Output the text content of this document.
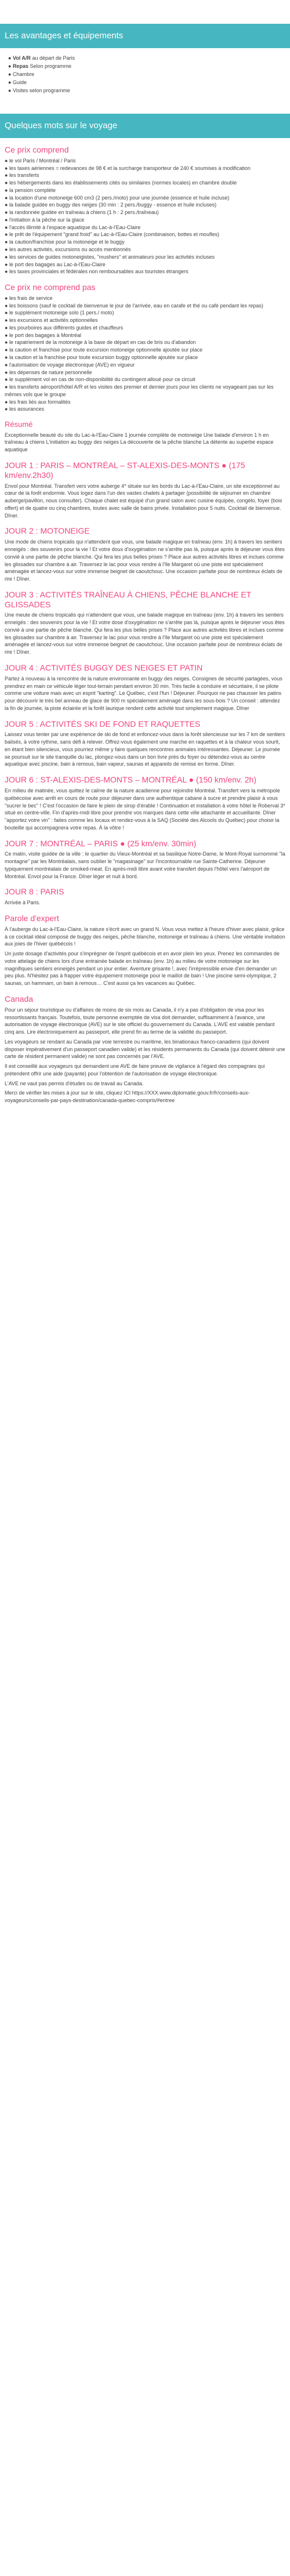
Les avantages et équipements
● Vol A/R au départ de Paris
● Repas Selon programme
● Chambre
● Guide
● Visites selon programme
Quelques mots sur le voyage
Ce prix comprend
● le vol Paris / Montréal / Paris
● les taxes aériennes = redevances de 98 € et la surcharge transporteur de 240 € soumises à modification
● les transferts
● les hébergements dans les établissements cités ou similaires (normes locales) en chambre double
● la pension complète
● la location d'une motoneige 600 cm3 (2 pers./moto) pour une journée (essence et huile incluse)
● la balade guidée en buggy des neiges (30 min : 2 pers./buggy - essence et huile incluses)
● la randonnée guidée en traîneau à chiens (1 h : 2 pers./traîneau)
● l'initiation à la pêche sur la glace
● l'accès illimité à l'espace aquatique du Lac-à-l'Eau-Claire
● le prêt de l'équipement "grand froid" au Lac-à-l'Eau-Claire (combinaison, bottes et moufles)
● la caution/franchise pour la motoneige et le buggy
● les autres activités, excursions ou accès mentionnés
● les services de guides motoneigistes, "mushers" et animateurs pour les activités incluses
● le port des bagages au Lac-à-l'Eau-Claire
● les taxes provinciales et fédérales non remboursables aux touristes étrangers
Ce prix ne comprend pas
● les frais de service
● les boissons (sauf le cocktail de bienvenue le jour de l'arrivée, eau en carafe et thé ou café pendant les repas)
● le supplément motoneige solo (1 pers./ moto)
● les excursions et activités optionnelles
● les pourboires aux différents guides et chauffeurs
● le port des bagages à Montréal
● le rapatriement de la motoneige à la base de départ en cas de bris ou d'abandon
● la caution et franchise pour toute excursion motoneige optionnelle ajoutée sur place
● la caution et la franchise pour toute excursion buggy optionnelle ajoutée sur place
● l'autorisation de voyage électronique (AVE) en vigueur
● les dépenses de nature personnelle
● le supplément vol en cas de non-disponibilité du contingent alloué pour ce circuit
● les transferts aéroport/hôtel A/R et les visites des premier et dernier jours pour les clients ne voyageant pas sur les mêmes vols que le groupe
● les frais liés aux formalités
● les assurances
Résumé

Exceptionnelle beauté du site du Lac-à-l'Eau-Claire 1 journée complète de motoneige Une balade d'environ 1 h en traîneau à chiens L'initiation au buggy des neiges La découverte de la pêche blanche La détente au superbe espace aquatique

JOUR 1 : PARIS – MONTRÉAL – ST-ALEXIS-DES-MONTS ● (175 km/env.2h30)

Envol pour Montréal. Transfert vers votre auberge 4* située sur les bords du Lac-à-l'Eau-Claire, un site exceptionnel au cœur de la forêt endormie. Vous logez dans l'un des vastes chalets à partager (possibilité de séjourner en chambre auberge/pavillon, nous consulter). Chaque chalet est équipé d'un grand salon avec cuisine équipée, congélo, foyer (bois offert) et de quatre ou cinq chambres, toutes avec salle de bains privée. Installation pour 5 nuits. Cocktail de bienvenue. Dîner.

JOUR 2 : MOTONEIGE

Une mode de chiens tropicalis qui n'attendent que vous, une balade magique en traîneau (env. 1h) à travers les sentiers enneigés : des souvenirs pour la vie ! Et votre doux d'oxygénation ne s'arrête pas là, puisque après le déjeuner vous êtes convié à une partie de pêche blanche. Qui fera les plus belles prises ? Place aux autres activités libres et inclues comme les glissades sur chambre à air. Traversez le lac pour vous rendre à l'île Margaret où une piste est spécialement aménagée et lancez-vous sur votre immense beignet de caoutchouc. Une occasion parfaite pour de nombreux éclats de rire ! Dîner.

JOUR 3 : ACTIVITÉS TRAÎNEAU À CHIENS, PÊCHE BLANCHE ET GLISSADES

Une meute de chiens tropicalis qui n'attendent que vous, une balade magique en traîneau (env. 1h) à travers les sentiers enneigés : des souvenirs pour la vie ! Et votre dose d'oxygénation ne s'arrête pas là, puisque après le déjeuner vous êtes convié à une partie de pêche blanche. Qui fera les plus belles prises ? Place aux autres activités libres et inclues comme les glissades sur chambre à air. Traversez le lac pour vous rendre à l'île Margaret où une piste est spécialement aménagée et lancez-vous sur votre immense beignet de caoutchouc. Une occasion parfaite pour de nombreux éclats de rire ! Dîner.

JOUR 4 : ACTIVITÉS BUGGY DES NEIGES ET PATIN

Partez à nouveau à la rencontre de la nature environnante en buggy des neiges. Consignes de sécurité partagées, vous prendrez en main ce véhicule léger tout-terrain pendant environ 30 min. Très facile à conduire et sécuritaire, il se pilote comme une voiture mais avec un esprit "karting". Le Québec, c'est l'fun ! Déjeuner. Pourquoi ne pas chausser les patins pour découvrir le très bel anneau de glace de 900 m spécialement aménagé dans les sous-bois ? Un conseil : attendez la fin de journée, la piste éclairée et la forêt laurique rendent cette activité tout simplement magique. Dîner

JOUR 5 : ACTIVITÉS SKI DE FOND ET RAQUETTES

Laissez vous tenter par une expérience de ski de fond et enfoncez-vous dans la forêt silencieuse sur les 7 km de sentiers balisés, à votre rythme, sans défi à relever. Offrez-vous également une marche en raquettes et à la chaleur vous sourit, en étant bien silencieux, vous pourriez même y faire quelques rencontres animales intéressantes. Déjeuner. Le journée se poursuit sur le site tranquille du lac, plongez-vous dans un bon livre près du foyer ou détendez-vous au centre aquatique avec piscine, bain à remous, bain vapeur, saunas et appareils de remise en forme. Dîner.

JOUR 6 : ST-ALEXIS-DES-MONTS – MONTRÉAL ● (150 km/env. 2h)

En milieu de matinée, vous quittez le calme de la nature acadienne pour rejoindre Montréal. Transfert vers la métropole québécoise avec arrêt en cours de route pour déjeuner dans une authentique cabane à sucre et prendre plaisir à vous "sucrer le bec" ! C'est l'occasion de faire le plein de sirop d'érable ! Continuation et installation à votre hôtel le Roberval 3* situé en centre-ville. Fin d'après-midi libre pour prendre vos marques dans cette ville attachante et accueillante. Dîner "apportez votre vin" : faites comme les locaux et rendez-vous à la SAQ (Société des Alcools du Québec) pour choisir la bouteille qui accompagnera votre repas. À la vôtre !

JOUR 7 : MONTRÉAL – PARIS ● (25 km/env. 30min)

Ce matin, visite guidée de la ville : le quartier du Vieux-Montréal et sa basilique Notre-Dame, le Mont-Royal surnommé "la montagne" par les Montréalais, sans oublier le "magasinage" sur l'incontournable rue Sainte-Catherine. Déjeuner typiquement montréalais de smoked-meat. En après-midi libre avant votre transfert depuis l'hôtel vers l'aéroport de Montréal. Envol pour la France. Dîner léger et nuit à bord.

JOUR 8 : PARIS

Arrivée à Paris.

Parole d'expert

À l'auberge du Lac-à-l'Eau-Claire, la nature s'écrit avec un grand N. Vous vous mettez à l'heure d'hiver avec plaisir, grâce à ce cocktail idéal composé de buggy des neiges, pêche blanche, motoneige et traîneau à chiens. Une véritable invitation aux joies de l'hiver québécois !

Un juste dosage d'activités pour s'imprégner de l'esprit québécois et en avoir plein les yeux. Prenez les commandes de votre attelage de chiens lors d'une entrainée balade en traîneau (env. 1h) au milieu de votre motoneige sur les magnifiques sentiers enneigés pendant un jour entier. Aventure grisante !, avec l'irrépressible envie d'en demander un peu plus. N'hésitez pas à frapper votre équipement motoneige pour le maillot de bain ! Une piscine semi-olympique, 2 saunas, un hammam, un bain à remous… C'est aussi ça les vacances au Québec.

Canada

Pour un séjour touristique ou d'affaires de moins de six mois au Canada, il n'y a pas d'obligation de visa pour les ressortissants français. Toutefois, toute personne exemptée de visa doit demander, suffisamment à l'avance, une autorisation de voyage électronique (AVE) sur le site officiel du gouvernement du Canada. L'AVE est valable pendant cinq ans. Lire électroniquement au passeport, elle prend fin au terme de la validité du passeport.

Les voyageurs se rendant au Canada par voie terrestre ou maritime, les binationaux franco-canadiens (qui doivent disposer impérativement d'un passeport canadien valide) et les résidents permanents du Canada (qui doivent détenir une carte de résident permanent valide) ne sont pas concernés par l'AVE.

Il est conseillé aux voyageurs qui demandent une AVE de faire preuve de vigilance à l'égard des compagnies qui prétendent offrir une aide (payante) pour l'obtention de l'autorisation de voyage électronique.

L'AVE ne vaut pas permis d'études ou de travail au Canada.

Merci de vérifier les mises à jour sur le site, cliquez ICI https://XXX.www.diplomatie.gouv.fr/fr/conseils-aux-voyageurs/conseils-par-pays-destination/canada-quebec-compris/#entree
